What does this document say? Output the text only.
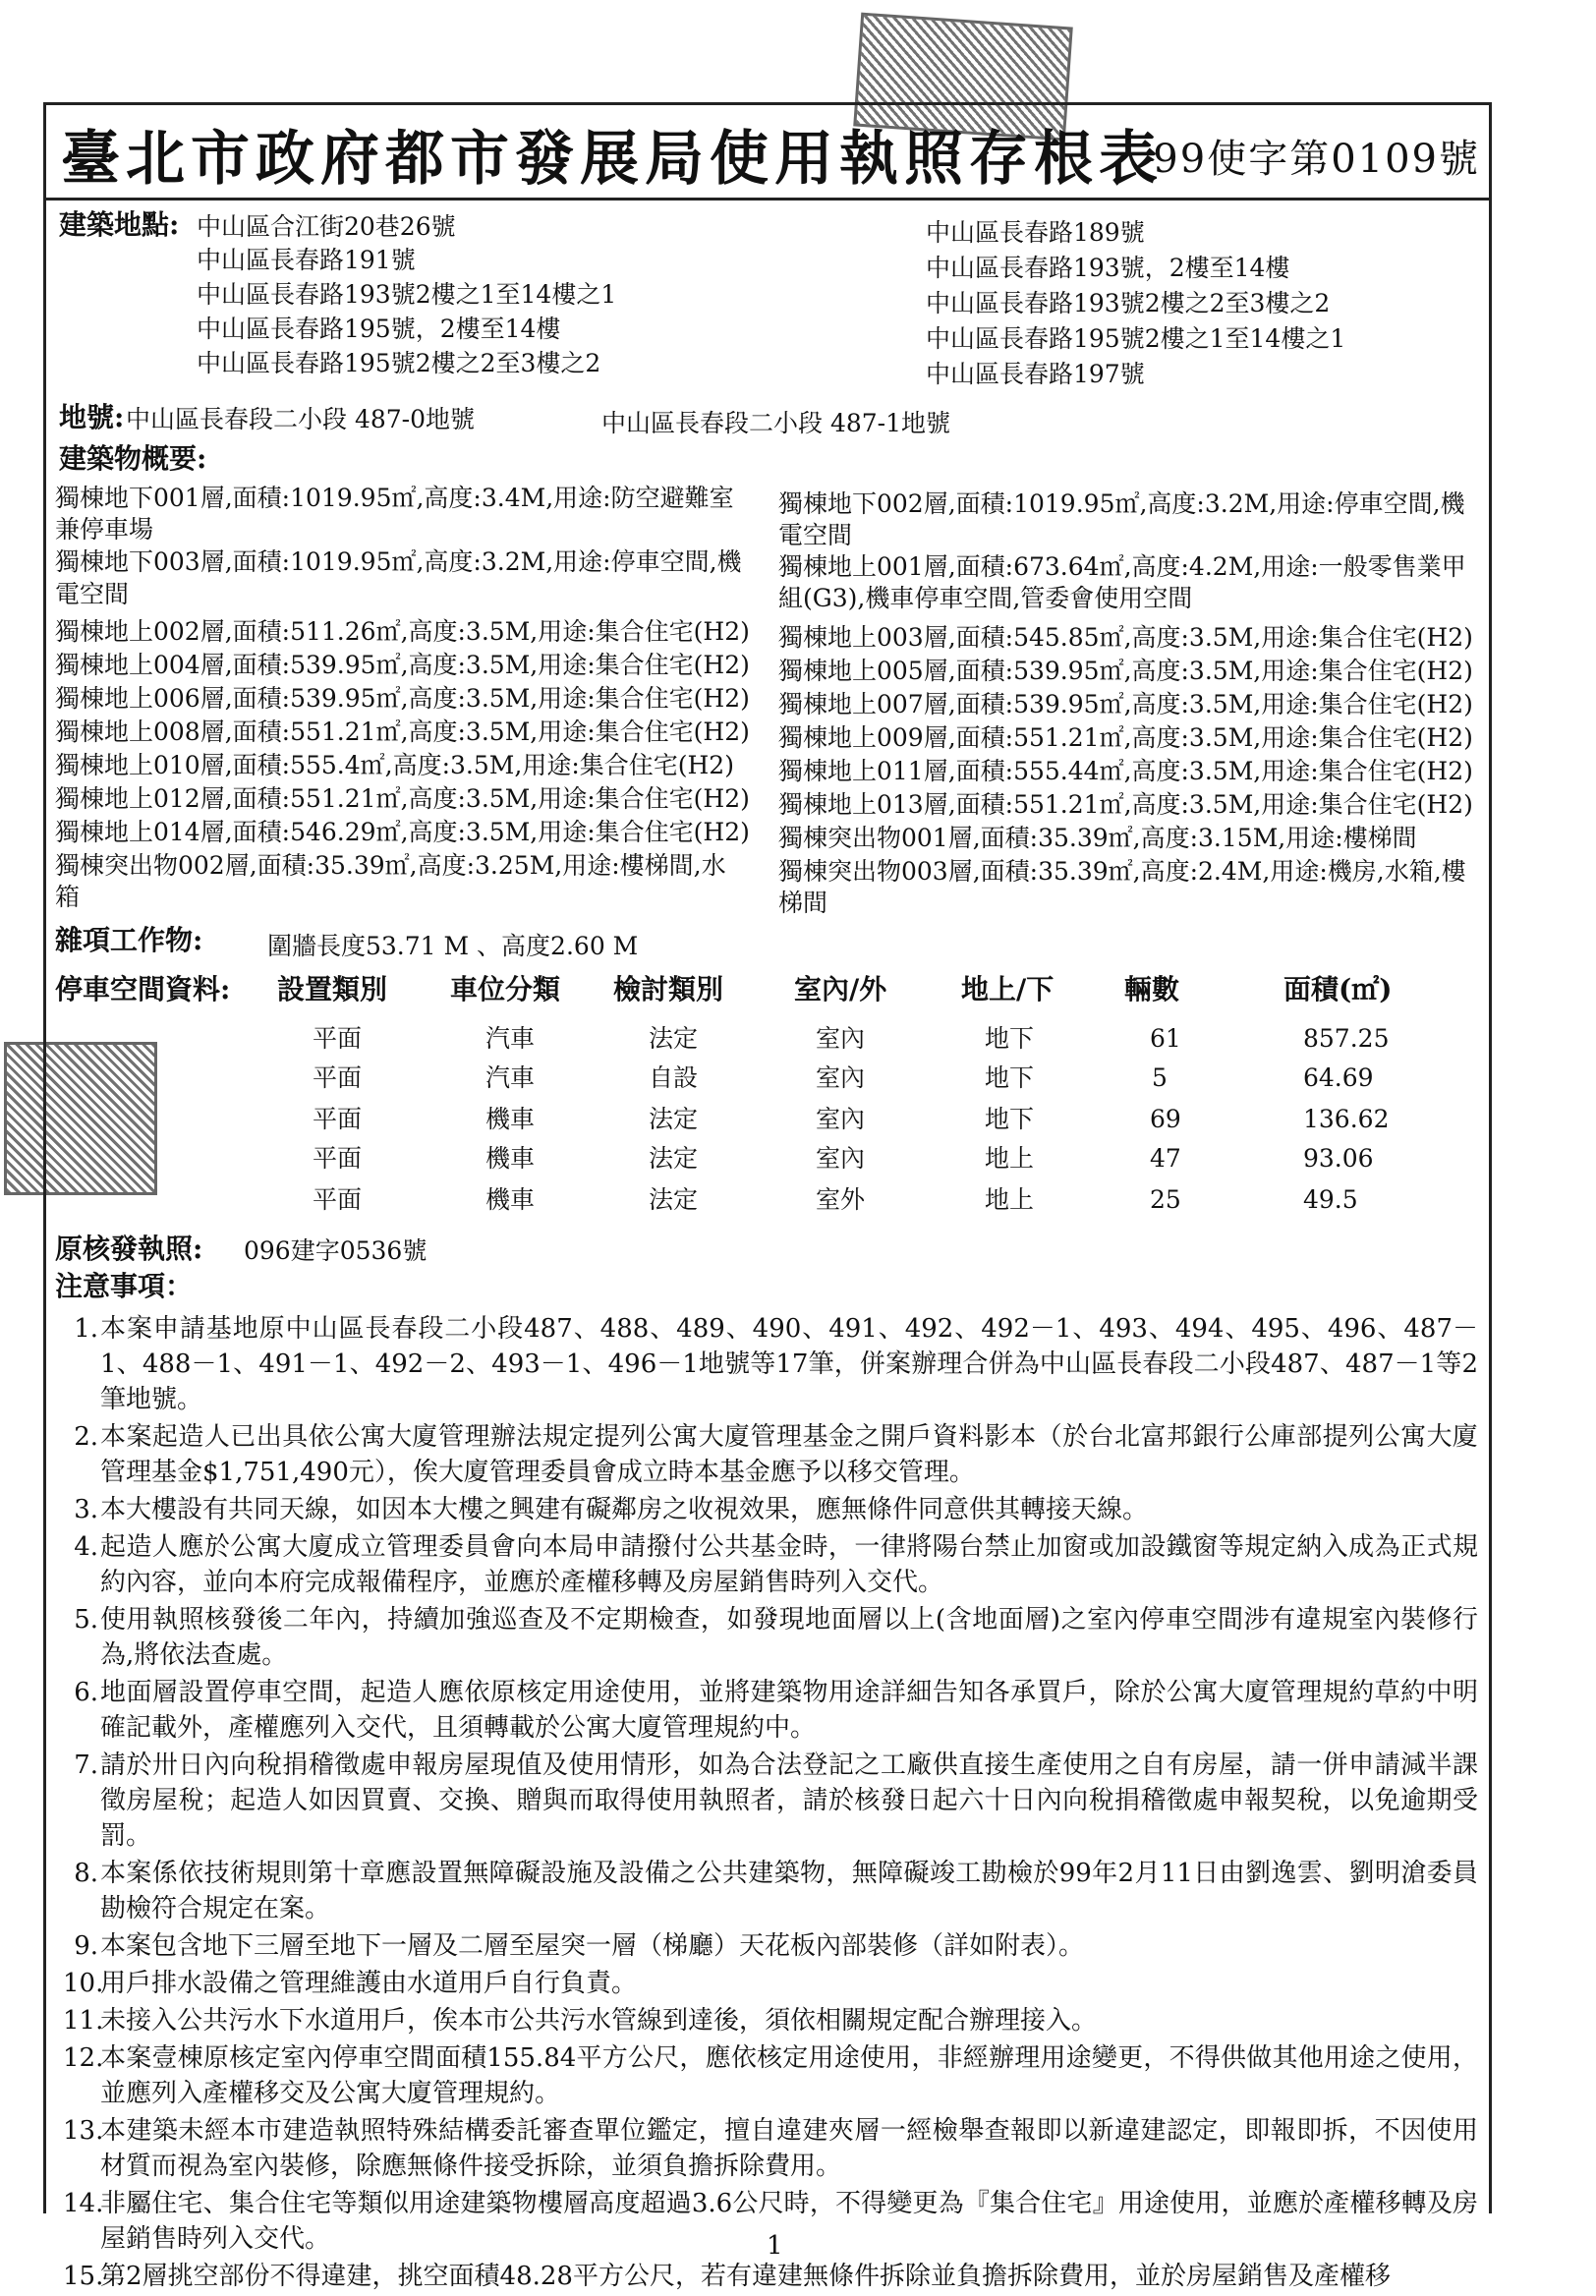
臺北市政府都市發展局使用執照存根表
99使字第0109號
建築地點: 中山區合江街20巷26號
中山區長春路191號
中山區長春路193號2樓之1至14樓之1
中山區長春路195號，2樓至14樓
中山區長春路195號2樓之2至3樓之2
中山區長春路189號
中山區長春路193號，2樓至14樓
中山區長春路193號2樓之2至3樓之2
中山區長春路195號2樓之1至14樓之1
中山區長春路197號
地號: 中山區長春段二小段 487-0地號	中山區長春段二小段 487-1地號
建築物概要:
獨棟地下001層,面積:1019.95㎡,高度:3.4M,用途:防空避難室
兼停車場
獨棟地下003層,面積:1019.95㎡,高度:3.2M,用途:停車空間,機
電空間
獨棟地上002層,面積:511.26㎡,高度:3.5M,用途:集合住宅(H2)
獨棟地上004層,面積:539.95㎡,高度:3.5M,用途:集合住宅(H2)
獨棟地上006層,面積:539.95㎡,高度:3.5M,用途:集合住宅(H2)
獨棟地上008層,面積:551.21㎡,高度:3.5M,用途:集合住宅(H2)
獨棟地上010層,面積:555.4㎡,高度:3.5M,用途:集合住宅(H2)
獨棟地上012層,面積:551.21㎡,高度:3.5M,用途:集合住宅(H2)
獨棟地上014層,面積:546.29㎡,高度:3.5M,用途:集合住宅(H2)
獨棟突出物002層,面積:35.39㎡,高度:3.25M,用途:樓梯間,水
箱
獨棟地下002層,面積:1019.95㎡,高度:3.2M,用途:停車空間,機
電空間
獨棟地上001層,面積:673.64㎡,高度:4.2M,用途:一般零售業甲
組(G3),機車停車空間,管委會使用空間
獨棟地上003層,面積:545.85㎡,高度:3.5M,用途:集合住宅(H2)
獨棟地上005層,面積:539.95㎡,高度:3.5M,用途:集合住宅(H2)
獨棟地上007層,面積:539.95㎡,高度:3.5M,用途:集合住宅(H2)
獨棟地上009層,面積:551.21㎡,高度:3.5M,用途:集合住宅(H2)
獨棟地上011層,面積:555.44㎡,高度:3.5M,用途:集合住宅(H2)
獨棟地上013層,面積:551.21㎡,高度:3.5M,用途:集合住宅(H2)
獨棟突出物001層,面積:35.39㎡,高度:3.15M,用途:樓梯間
獨棟突出物003層,面積:35.39㎡,高度:2.4M,用途:機房,水箱,樓
梯間
雜項工作物:	圍牆長度53.71 M 、高度2.60 M
停車空間資料: 設置類別 車位分類 檢討類別	室內/外	地上/下	輛數	面積(㎡)
平面	汽車	法定	室內	地下	61	857.25
平面	汽車	自設	室內	地下	5	64.69
平面	機車	法定	室內	地下	69	136.62
平面	機車	法定	室內	地上	47	93.06
平面	機車	法定	室外	地上	25	49.5
原核發執照: 096建字0536號
注意事項：
1. 本案申請基地原中山區長春段二小段487、488、489、490、491、492、492－1、493、494、495、496、487－1、488－1、491－1、492－2、493－1、496－1地號等17筆，併案辦理合併為中山區長春段二小段487、487－1等2筆地號。
2. 本案起造人已出具依公寓大廈管理辦法規定提列公寓大廈管理基金之開戶資料影本（於台北富邦銀行公庫部提列公寓大廈管理基金$1,751,490元），俟大廈管理委員會成立時本基金應予以移交管理。
3. 本大樓設有共同天線，如因本大樓之興建有礙鄰房之收視效果，應無條件同意供其轉接天線。
4. 起造人應於公寓大廈成立管理委員會向本局申請撥付公共基金時，一律將陽台禁止加窗或加設鐵窗等規定納入成為正式規約內容，並向本府完成報備程序，並應於產權移轉及房屋銷售時列入交代。
5. 使用執照核發後二年內，持續加強巡查及不定期檢查，如發現地面層以上(含地面層)之室內停車空間涉有違規室內裝修行為,將依法查處。
6. 地面層設置停車空間，起造人應依原核定用途使用，並將建築物用途詳細告知各承買戶，除於公寓大廈管理規約草約中明確記載外，產權應列入交代，且須轉載於公寓大廈管理規約中。
7. 請於卅日內向稅捐稽徵處申報房屋現值及使用情形，如為合法登記之工廠供直接生產使用之自有房屋，請一併申請減半課徵房屋稅；起造人如因買賣、交換、贈與而取得使用執照者，請於核發日起六十日內向稅捐稽徵處申報契稅，以免逾期受罰。
8. 本案係依技術規則第十章應設置無障礙設施及設備之公共建築物，無障礙竣工勘檢於99年2月11日由劉逸雲、劉明滄委員勘檢符合規定在案。
9. 本案包含地下三層至地下一層及二層至屋突一層（梯廳）天花板內部裝修（詳如附表）。
10.
用戶排水設備之管理維護由水道用戶自行負責。
11.
未接入公共污水下水道用戶，俟本市公共污水管線到達後，須依相關規定配合辦理接入。
12.
本案壹棟原核定室內停車空間面積155.84平方公尺，應依核定用途使用，非經辦理用途變更，不得供做其他用途之使用，並應列入產權移交及公寓大廈管理規約。
13.
本建築未經本市建造執照特殊結構委託審查單位鑑定，擅自違建夾層一經檢舉查報即以新違建認定，即報即拆，不因使用材質而視為室內裝修，除應無條件接受拆除，並須負擔拆除費用。
14.
非屬住宅、集合住宅等類似用途建築物樓層高度超過3.6公尺時，不得變更為『集合住宅』用途使用，並應於產權移轉及房屋銷售時列入交代。
15.
第2層挑空部份不得違建，挑空面積48.28平方公尺，若有違建無條件拆除並負擔拆除費用，並於房屋銷售及產權移
1
